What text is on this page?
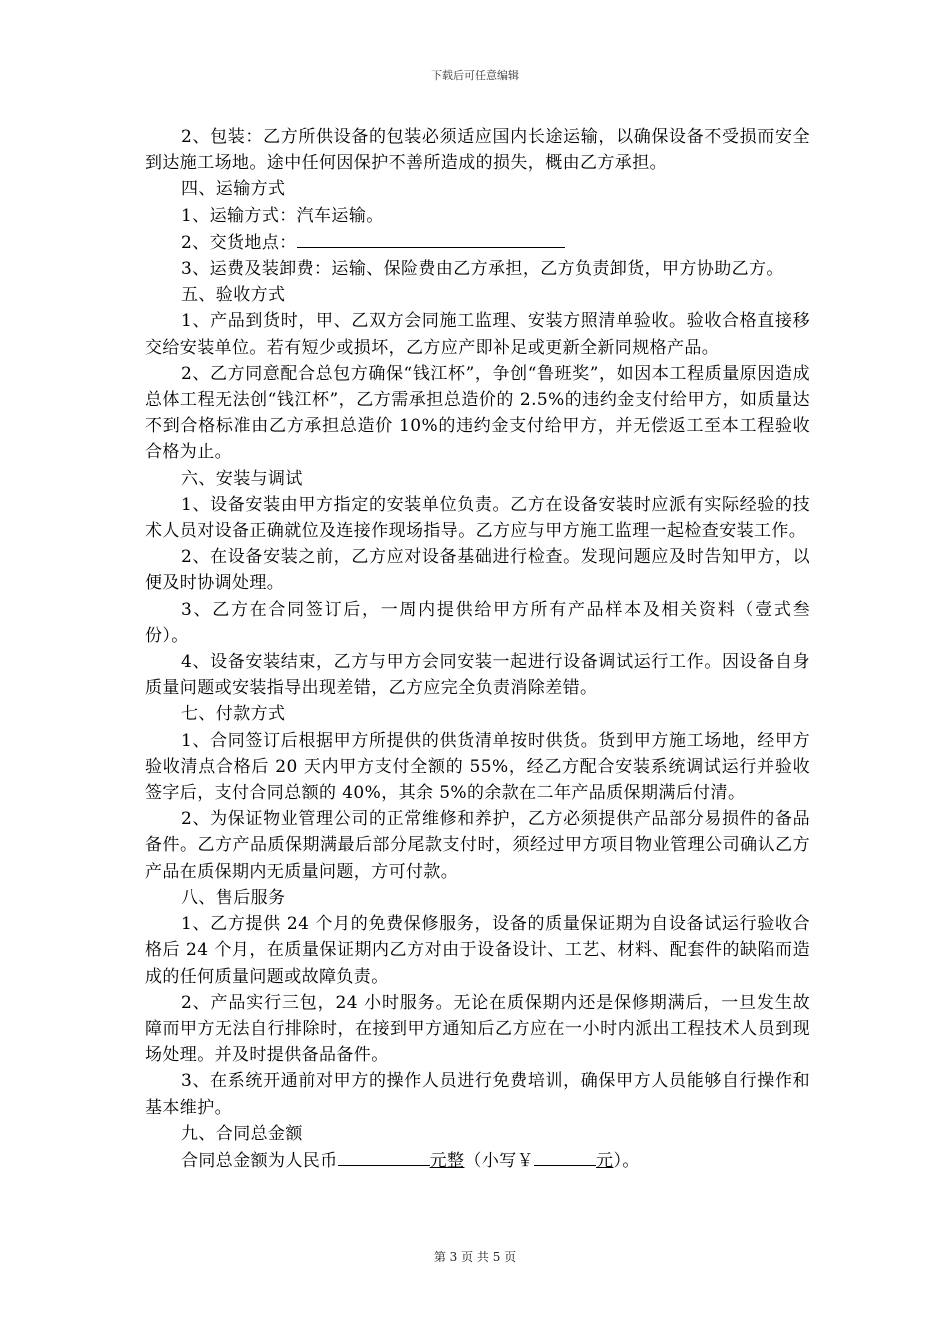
下载后可任意编辑

2、包装：乙方所供设备的包装必须适应国内长途运输，以确保设备不受损而安全到达施工场地。途中任何因保护不善所造成的损失，概由乙方承担。

四、运输方式

1、运输方式：汽车运输。

2、交货地点：

3、运费及装卸费：运输、保险费由乙方承担，乙方负责卸货，甲方协助乙方。

五、验收方式

1、产品到货时，甲、乙双方会同施工监理、安装方照清单验收。验收合格直接移交给安装单位。若有短少或损坏，乙方应产即补足或更新全新同规格产品。

2、乙方同意配合总包方确保“钱江杯”，争创“鲁班奖”，如因本工程质量原因造成总体工程无法创“钱江杯”，乙方需承担总造价的 2.5%的违约金支付给甲方，如质量达不到合格标准由乙方承担总造价 10%的违约金支付给甲方，并无偿返工至本工程验收合格为止。

六、安装与调试

1、设备安装由甲方指定的安装单位负责。乙方在设备安装时应派有实际经验的技术人员对设备正确就位及连接作现场指导。乙方应与甲方施工监理一起检查安装工作。

2、在设备安装之前，乙方应对设备基础进行检查。发现问题应及时告知甲方，以便及时协调处理。

3、乙方在合同签订后，一周内提供给甲方所有产品样本及相关资料（壹式叁份）。

4、设备安装结束，乙方与甲方会同安装一起进行设备调试运行工作。因设备自身质量问题或安装指导出现差错，乙方应完全负责消除差错。

七、付款方式

1、合同签订后根据甲方所提供的供货清单按时供货。货到甲方施工场地，经甲方验收清点合格后 20 天内甲方支付全额的 55%，经乙方配合安装系统调试运行并验收签字后，支付合同总额的 40%，其余 5%的余款在二年产品质保期满后付清。

2、为保证物业管理公司的正常维修和养护，乙方必须提供产品部分易损件的备品备件。乙方产品质保期满最后部分尾款支付时，须经过甲方项目物业管理公司确认乙方产品在质保期内无质量问题，方可付款。

八、售后服务

1、乙方提供 24 个月的免费保修服务，设备的质量保证期为自设备试运行验收合格后 24 个月，在质量保证期内乙方对由于设备设计、工艺、材料、配套件的缺陷而造成的任何质量问题或故障负责。

2、产品实行三包，24 小时服务。无论在质保期内还是保修期满后，一旦发生故障而甲方无法自行排除时，在接到甲方通知后乙方应在一小时内派出工程技术人员到现场处理。并及时提供备品备件。

3、在系统开通前对甲方的操作人员进行免费培训，确保甲方人员能够自行操作和基本维护。

九、合同总金额

合同总金额为人民币	元整（小写￥	元）。

第 3 页 共 5 页
